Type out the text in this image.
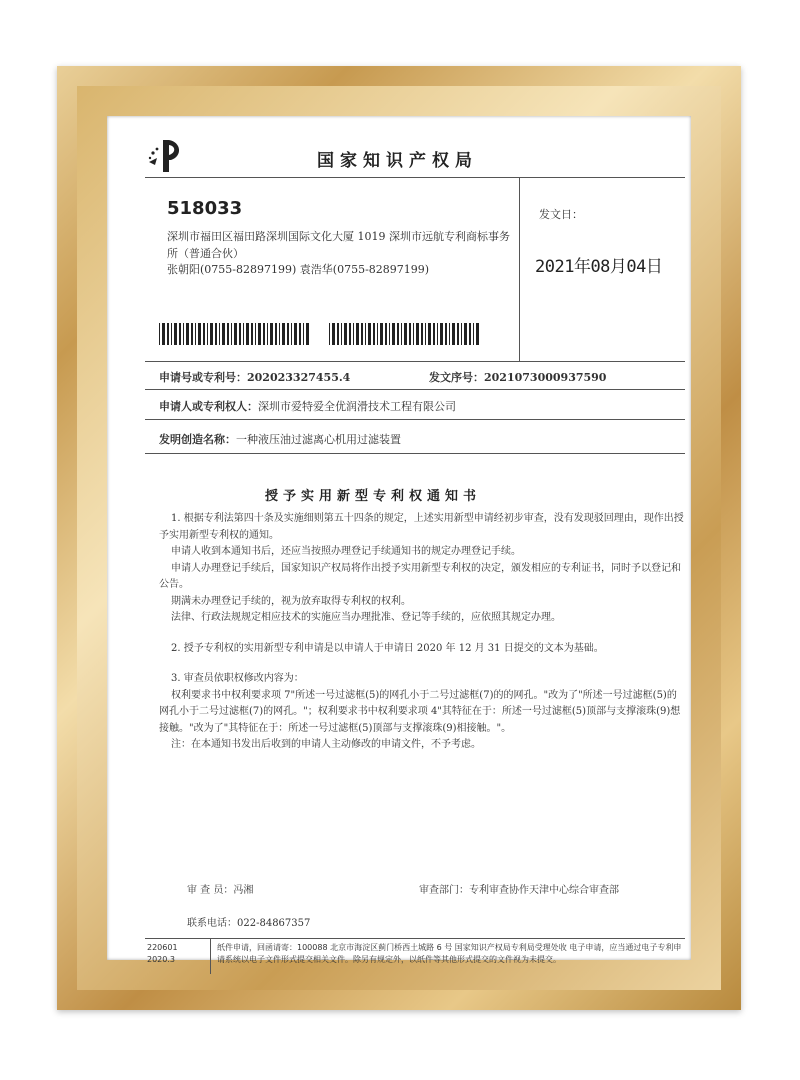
国家知识产权局
518033
深圳市福田区福田路深圳国际文化大厦 1019 深圳市远航专利商标事务所（普通合伙）
张朝阳(0755-82897199) 袁浩华(0755-82897199)
发文日：
2021年08月04日
申请号或专利号：202023327455.4	发文序号：2021073000937590
申请人或专利权人：深圳市爱特爱全优润滑技术工程有限公司
发明创造名称：一种液压油过滤离心机用过滤装置
授予实用新型专利权通知书

1. 根据专利法第四十条及实施细则第五十四条的规定，上述实用新型申请经初步审查，没有发现驳回理由，现作出授予实用新型专利权的通知。

申请人收到本通知书后，还应当按照办理登记手续通知书的规定办理登记手续。

申请人办理登记手续后，国家知识产权局将作出授予实用新型专利权的决定，颁发相应的专利证书，同时予以登记和公告。

期满未办理登记手续的，视为放弃取得专利权的权利。

法律、行政法规规定相应技术的实施应当办理批准、登记等手续的，应依照其规定办理。

2. 授予专利权的实用新型专利申请是以申请人于申请日 2020 年 12 月 31 日提交的文本为基础。

3. 审查员依职权修改内容为：

权利要求书中权利要求项 7"所述一号过滤框(5)的网孔小于二号过滤框(7)的的网孔。"改为了"所述一号过滤框(5)的网孔小于二号过滤框(7)的网孔。"；权利要求书中权利要求项 4"其特征在于：所述一号过滤框(5)顶部与支撑滚珠(9)想接触。"改为了"其特征在于：所述一号过滤框(5)顶部与支撑滚珠(9)相接触。"。

注：在本通知书发出后收到的申请人主动修改的申请文件，不予考虑。

审 查 员：冯湘	审查部门：专利审查协作天津中心综合审查部
联系电话：022-84867357
220601
2020.3
纸件申请，回函请寄：100088 北京市海淀区蓟门桥西土城路 6 号 国家知识产权局专利局受理处收 电子申请，应当通过电子专利申请系统以电子文件形式提交相关文件。除另有规定外，以纸件等其他形式提交的文件视为未提交。
